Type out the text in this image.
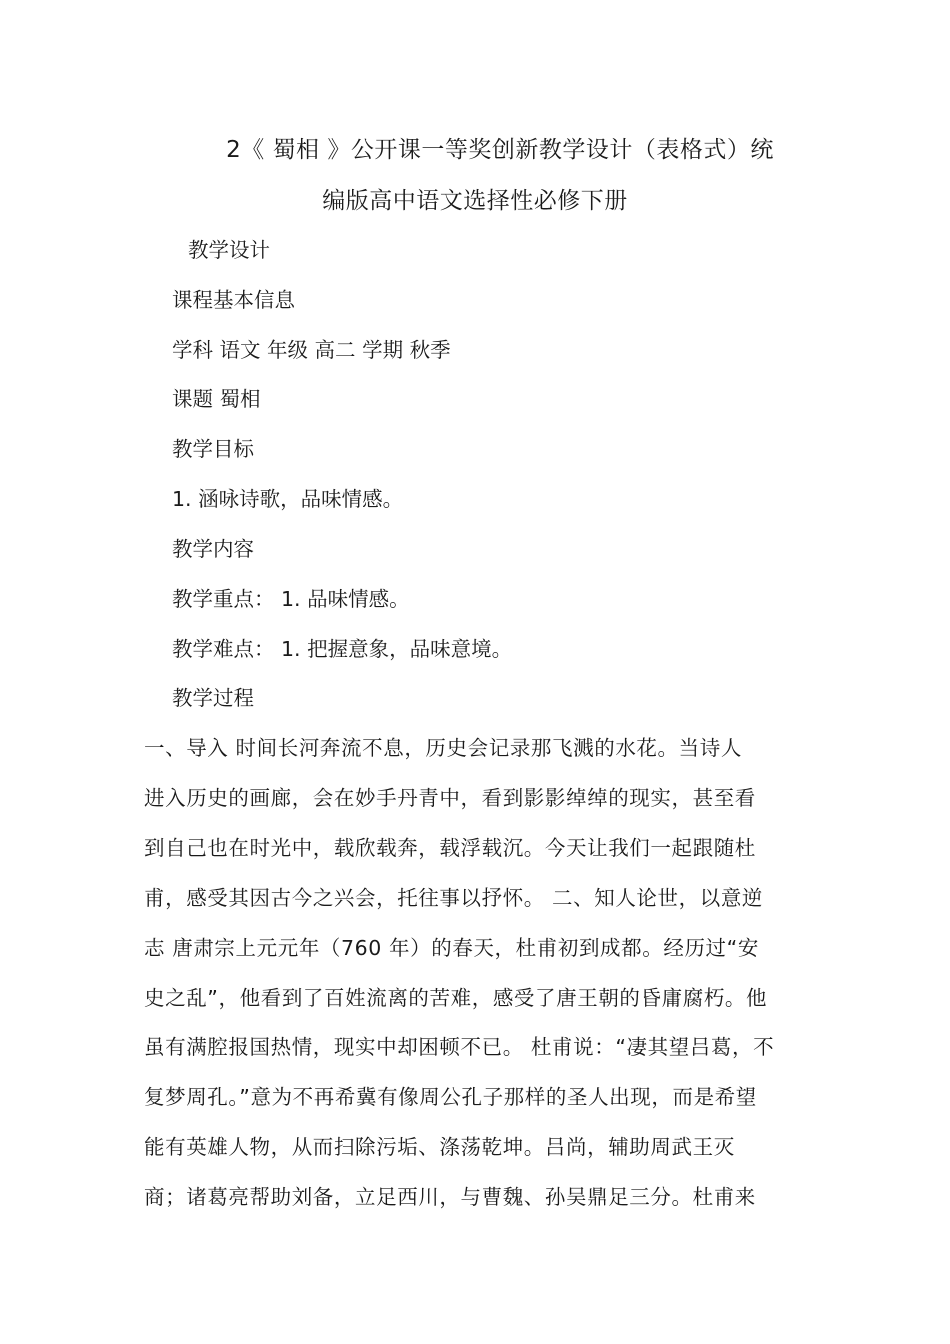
2《 蜀相 》公开课一等奖创新教学设计（表格式）统
编版高中语文选择性必修下册
教学设计
课程基本信息
学科 语文 年级 高二 学期 秋季
课题 蜀相
教学目标
1. 涵咏诗歌，品味情感。
教学内容
教学重点： 1. 品味情感。
教学难点： 1. 把握意象，品味意境。
教学过程
一、导入 时间长河奔流不息，历史会记录那飞溅的水花。当诗人
进入历史的画廊，会在妙手丹青中，看到影影绰绰的现实，甚至看
到自己也在时光中，载欣载奔，载浮载沉。今天让我们一起跟随杜
甫，感受其因古今之兴会，托往事以抒怀。 二、知人论世，以意逆
志 唐肃宗上元元年（760 年）的春天，杜甫初到成都。经历过“安
史之乱”，他看到了百姓流离的苦难，感受了唐王朝的昏庸腐朽。他
虽有满腔报国热情，现实中却困顿不已。 杜甫说：“凄其望吕葛，不
复梦周孔。”意为不再希冀有像周公孔子那样的圣人出现，而是希望
能有英雄人物，从而扫除污垢、涤荡乾坤。吕尚，辅助周武王灭
商；诸葛亮帮助刘备，立足西川，与曹魏、孙吴鼎足三分。杜甫来
